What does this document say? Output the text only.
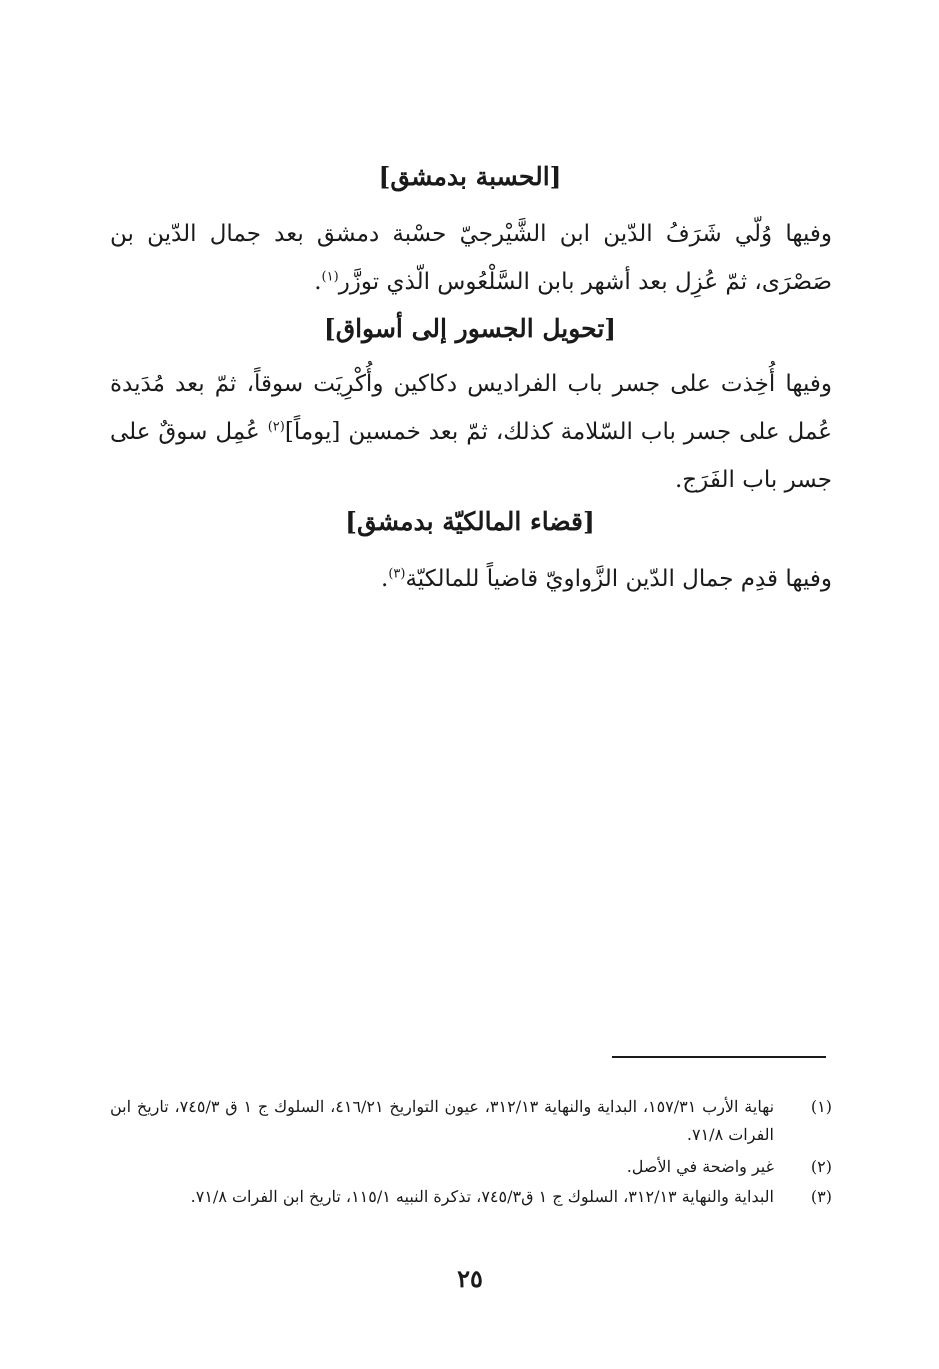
[الحسبة بدمشق]
وفيها وُلّي شَرَفُ الدّين ابن الشَّيْرجيّ حسْبة دمشق بعد جمال الدّين بن صَصْرَى، ثمّ عُزِل بعد أشهر بابن السَّلْعُوس الّذي توزَّر$^{(١)}$.
[تحويل الجسور إلى أسواق]
وفيها أُخِذت على جسر باب الفراديس دكاكين وأُكْرِيَت سوقاً، ثمّ بعد مُدَيدة عُمل على جسر باب السّلامة كذلك، ثمّ بعد خمسين [يوماً]$^{(٢)}$ عُمِل سوقٌ على جسر باب الفَرَج.
[قضاء المالكيّة بدمشق]
وفيها قدِم جمال الدّين الزَّواويّ قاضياً للمالكيّة$^{(٣)}$.
(١)
نهاية الأرب ١٥٧/٣١، البداية والنهاية ٣١٢/١٣، عيون التواريخ ٤١٦/٢١، السلوك ج ١ ق ٧٤٥/٣، تاريخ ابن الفرات ٧١/٨.
(٢)
غير واضحة في الأصل.
(٣)
البداية والنهاية ٣١٢/١٣، السلوك ج ١ ق٧٤٥/٣، تذكرة النبيه ١١٥/١، تاريخ ابن الفرات ٧١/٨.
٢٥
